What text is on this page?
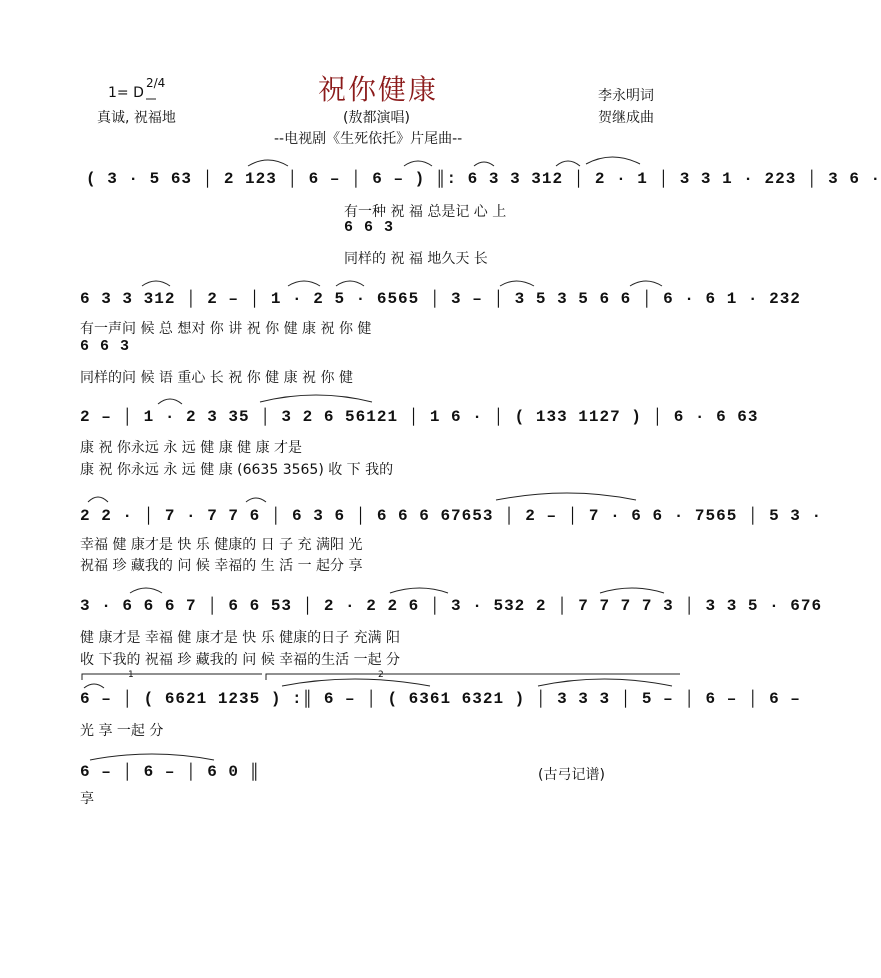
祝你健康
1= D
2/4
真诚, 祝福地	(敖都演唱)
--电视剧《生死依托》片尾曲--
李永明词
贺继成曲
( 3 · 5 63 │ 2 123 │ 6 – │ 6 – ) ║: 6 3 3 312 │ 2 · 1 │ 3 3 1 · 223 │ 3 6 ·
有一种 祝 福 总是记 心 上
6 6 3
同样的 祝 福 地久天 长
6 3 3 312 │ 2 – │ 1 · 2 5 · 6565 │ 3 – │ 3 5 3 5 6 6 │ 6 · 6 1 · 232
有一声问 候 总 想对 你 讲 祝 你 健 康 祝 你 健
6 6 3
同样的问 候 语 重心 长 祝 你 健 康 祝 你 健
2 – │ 1 · 2 3 35 │ 3 2 6 56121 │ 1 6 · │ ( 133 1127 ) │ 6 · 6 63
康 祝 你永远 永 远 健 康 健 康 才是
康 祝 你永远 永 远 健 康 (6635 3565) 收 下 我的
2 2 · │ 7 · 7 7 6 │ 6 3 6 │ 6 6 6 67653 │ 2 – │ 7 · 6 6 · 7565 │ 5 3 ·
幸福 健 康才是 快 乐 健康的 日 子 充 满阳 光
祝福 珍 藏我的 问 候 幸福的 生 活 一 起分 享
3 · 6 6 6 7 │ 6 6 53 │ 2 · 2 2 6 │ 3 · 532 2 │ 7 7 7 7 3 │ 3 3 5 · 676
健 康才是 幸福 健 康才是 快 乐 健康的日子 充满 阳
收 下我的 祝福 珍 藏我的 问 候 幸福的生活 一起 分
1	2
6 – │ ( 6621 1235 ) :║ 6 – │ ( 6361 6321 ) │ 3 3 3 │ 5 – │ 6 – │ 6 –
光 享 一起 分
6 – │ 6 – │ 6 0 ║
享
(古弓记谱)
